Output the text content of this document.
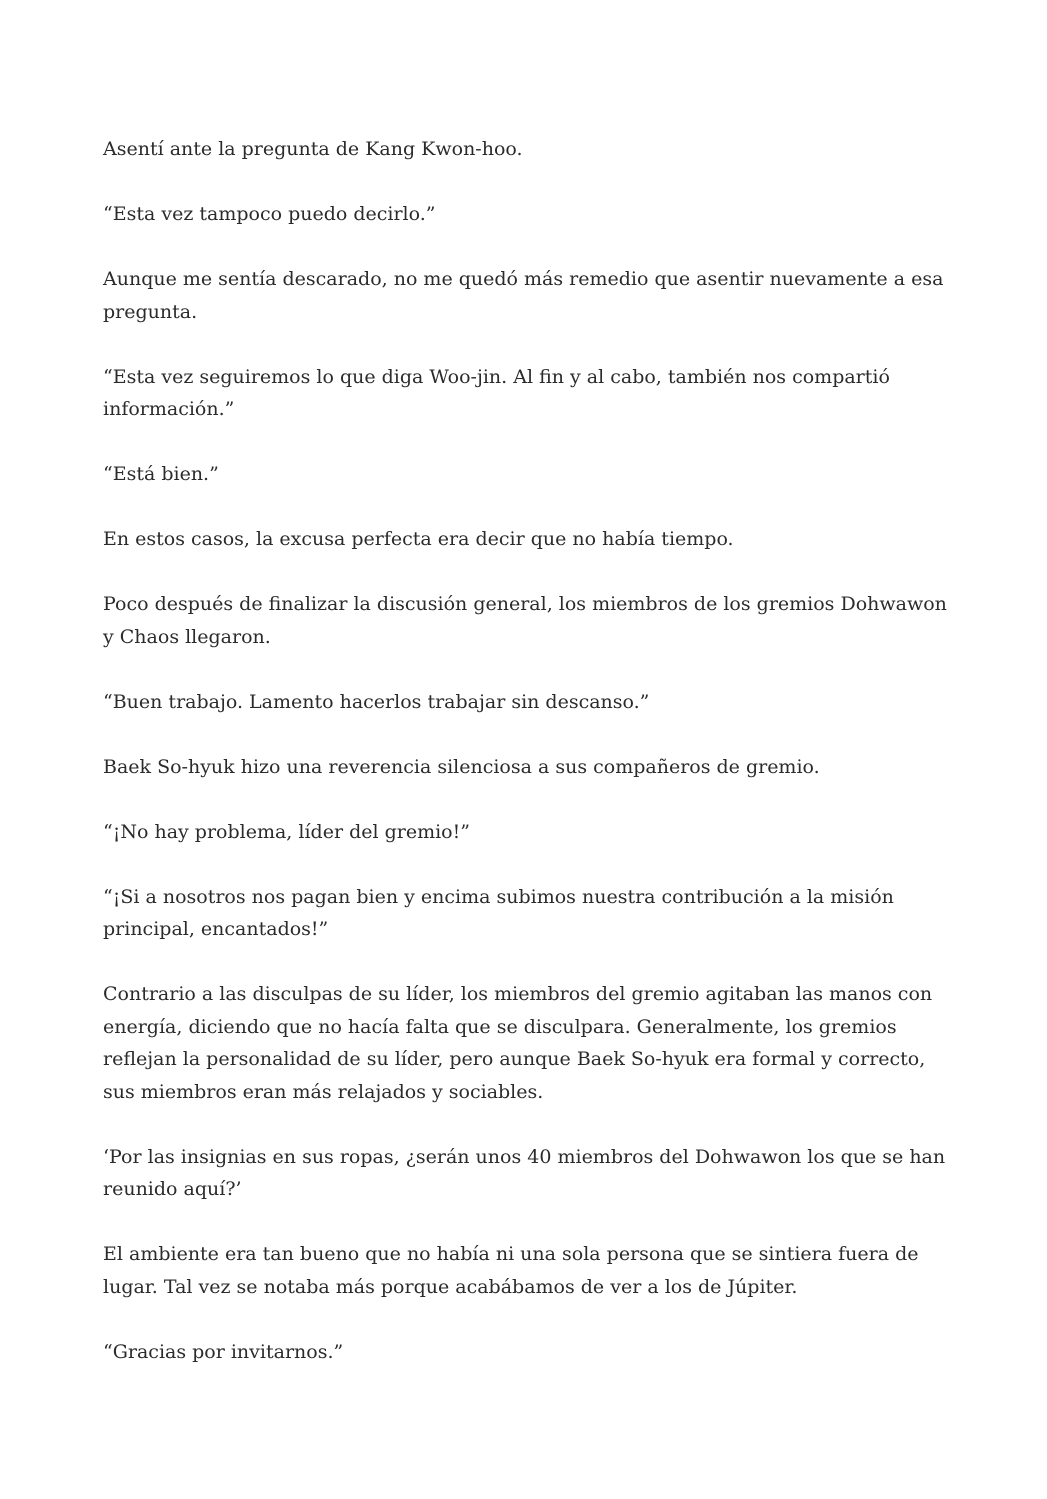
Asentí ante la pregunta de Kang Kwon-hoo.

“Esta vez tampoco puedo decirlo.”

Aunque me sentía descarado, no me quedó más remedio que asentir nuevamente a esa pregunta.

“Esta vez seguiremos lo que diga Woo-jin. Al fin y al cabo, también nos compartió información.”

“Está bien.”

En estos casos, la excusa perfecta era decir que no había tiempo.

Poco después de finalizar la discusión general, los miembros de los gremios Dohwawon y Chaos llegaron.

“Buen trabajo. Lamento hacerlos trabajar sin descanso.”

Baek So-hyuk hizo una reverencia silenciosa a sus compañeros de gremio.

“¡No hay problema, líder del gremio!”

“¡Si a nosotros nos pagan bien y encima subimos nuestra contribución a la misión principal, encantados!”

Contrario a las disculpas de su líder, los miembros del gremio agitaban las manos con energía, diciendo que no hacía falta que se disculpara. Generalmente, los gremios reflejan la personalidad de su líder, pero aunque Baek So-hyuk era formal y correcto, sus miembros eran más relajados y sociables.

‘Por las insignias en sus ropas, ¿serán unos 40 miembros del Dohwawon los que se han reunido aquí?’

El ambiente era tan bueno que no había ni una sola persona que se sintiera fuera de lugar. Tal vez se notaba más porque acabábamos de ver a los de Júpiter.

“Gracias por invitarnos.”
